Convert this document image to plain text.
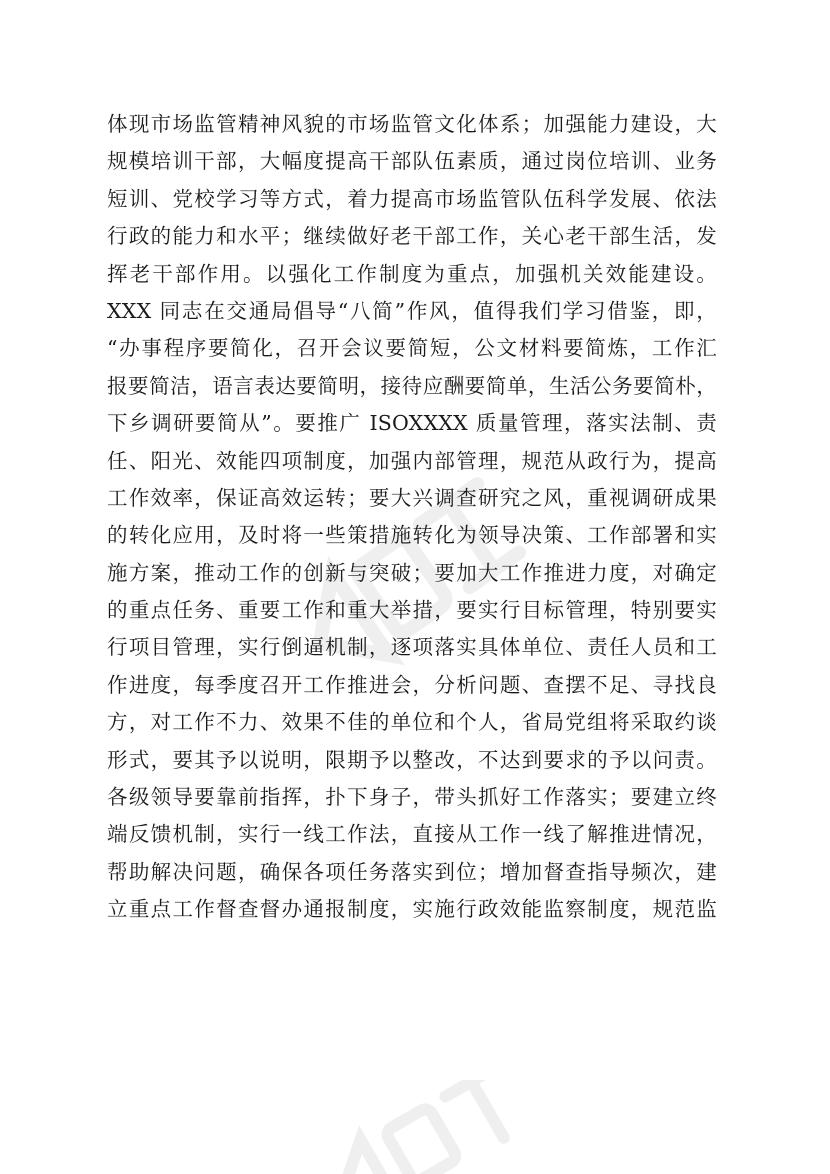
体现市场监管精神风貌的市场监管文化体系；加强能力建设，大
规模培训干部，大幅度提高干部队伍素质，通过岗位培训、业务
短训、党校学习等方式，着力提高市场监管队伍科学发展、依法
行政的能力和水平；继续做好老干部工作，关心老干部生活，发
挥老干部作用。以强化工作制度为重点，加强机关效能建设。
XXX 同志在交通局倡导“八简”作风，值得我们学习借鉴，即，
“办事程序要简化，召开会议要简短，公文材料要简炼，工作汇
报要简洁，语言表达要简明，接待应酬要简单，生活公务要简朴，
下乡调研要简从”。要推广 ISOXXXX 质量管理，落实法制、责
任、阳光、效能四项制度，加强内部管理，规范从政行为，提高
工作效率，保证高效运转；要大兴调查研究之风，重视调研成果
的转化应用，及时将一些策措施转化为领导决策、工作部署和实
施方案，推动工作的创新与突破；要加大工作推进力度，对确定
的重点任务、重要工作和重大举措，要实行目标管理，特别要实
行项目管理，实行倒逼机制，逐项落实具体单位、责任人员和工
作进度，每季度召开工作推进会，分析问题、查摆不足、寻找良
方，对工作不力、效果不佳的单位和个人，省局党组将采取约谈
形式，要其予以说明，限期予以整改，不达到要求的予以问责。
各级领导要靠前指挥，扑下身子，带头抓好工作落实；要建立终
端反馈机制，实行一线工作法，直接从工作一线了解推进情况，
帮助解决问题，确保各项任务落实到位；增加督查指导频次，建
立重点工作督查督办通报制度，实施行政效能监察制度，规范监
